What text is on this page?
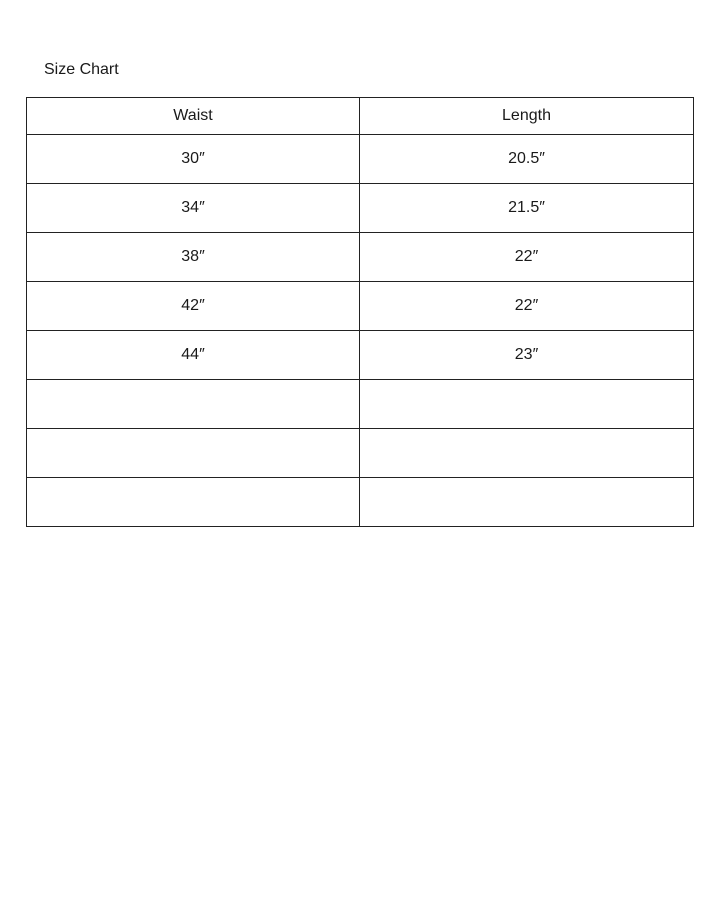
Size Chart
Waist	Length
30″	20.5″
34″	21.5″
38″	22″
42″	22″
44″	23″
